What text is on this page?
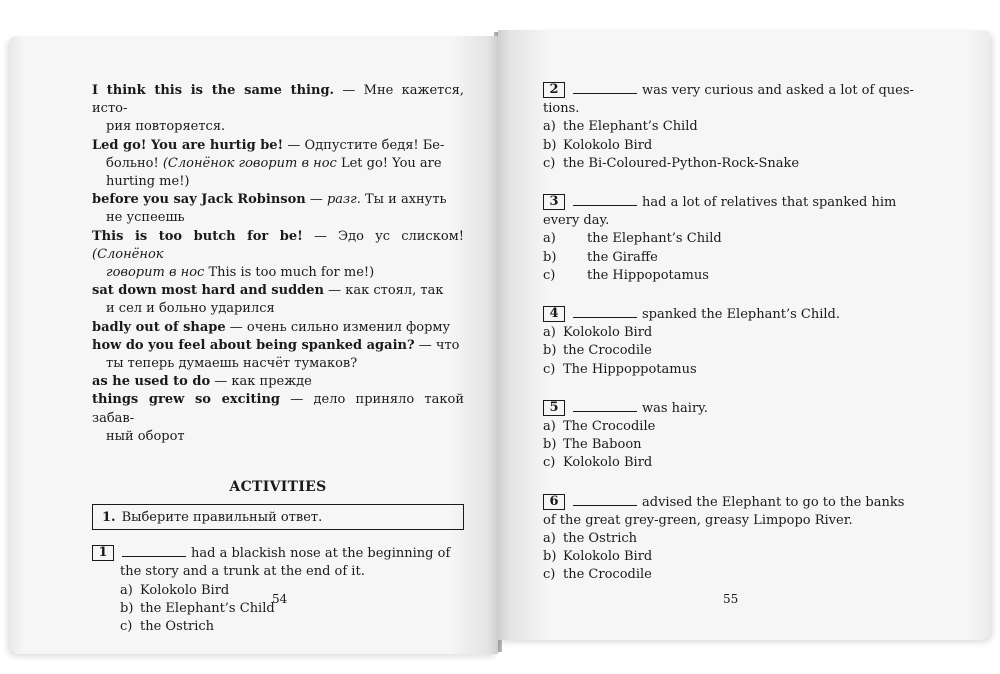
I think this is the same thing. — Мне кажется, исто-
рия повторяется.
Led go! You are hurtig be! — Одпустите бедя! Бе-
больно! (Слонёнок говорит в нос Let go! You are
hurting me!)
before you say Jack Robinson — разг. Ты и ахнуть
не успеешь
This is too butch for be! — Эдо ус слиском! (Слонёнок
говорит в нос This is too much for me!)
sat down most hard and sudden — как стоял, так
и сел и больно ударился
badly out of shape — очень сильно изменил форму
how do you feel about being spanked again? — что
ты теперь думаешь насчёт тумаков?
as he used to do — как прежде
things grew so exciting — дело приняло такой забав-
ный оборот
ACTIVITIES
1. Выберите правильный ответ.
1	had a blackish nose at the beginning of
the story and a trunk at the end of it.
a) Kolokolo Bird
b) the Elephant’s Child
c) the Ostrich
54
2	was very curious and asked a lot of ques-
tions.
a) the Elephant’s Child
b) Kolokolo Bird
c) the Bi-Coloured-Python-Rock-Snake
3	had a lot of relatives that spanked him
every day.
a) the Elephant’s Child
b) the Giraffe
c) the Hippopotamus
4	spanked the Elephant’s Child.
a) Kolokolo Bird
b) the Crocodile
c) The Hippoppotamus
5	was hairy.
a) The Crocodile
b) The Baboon
c) Kolokolo Bird
6	advised the Elephant to go to the banks
of the great grey-green, greasy Limpopo River.
a) the Ostrich
b) Kolokolo Bird
c) the Crocodile
55
